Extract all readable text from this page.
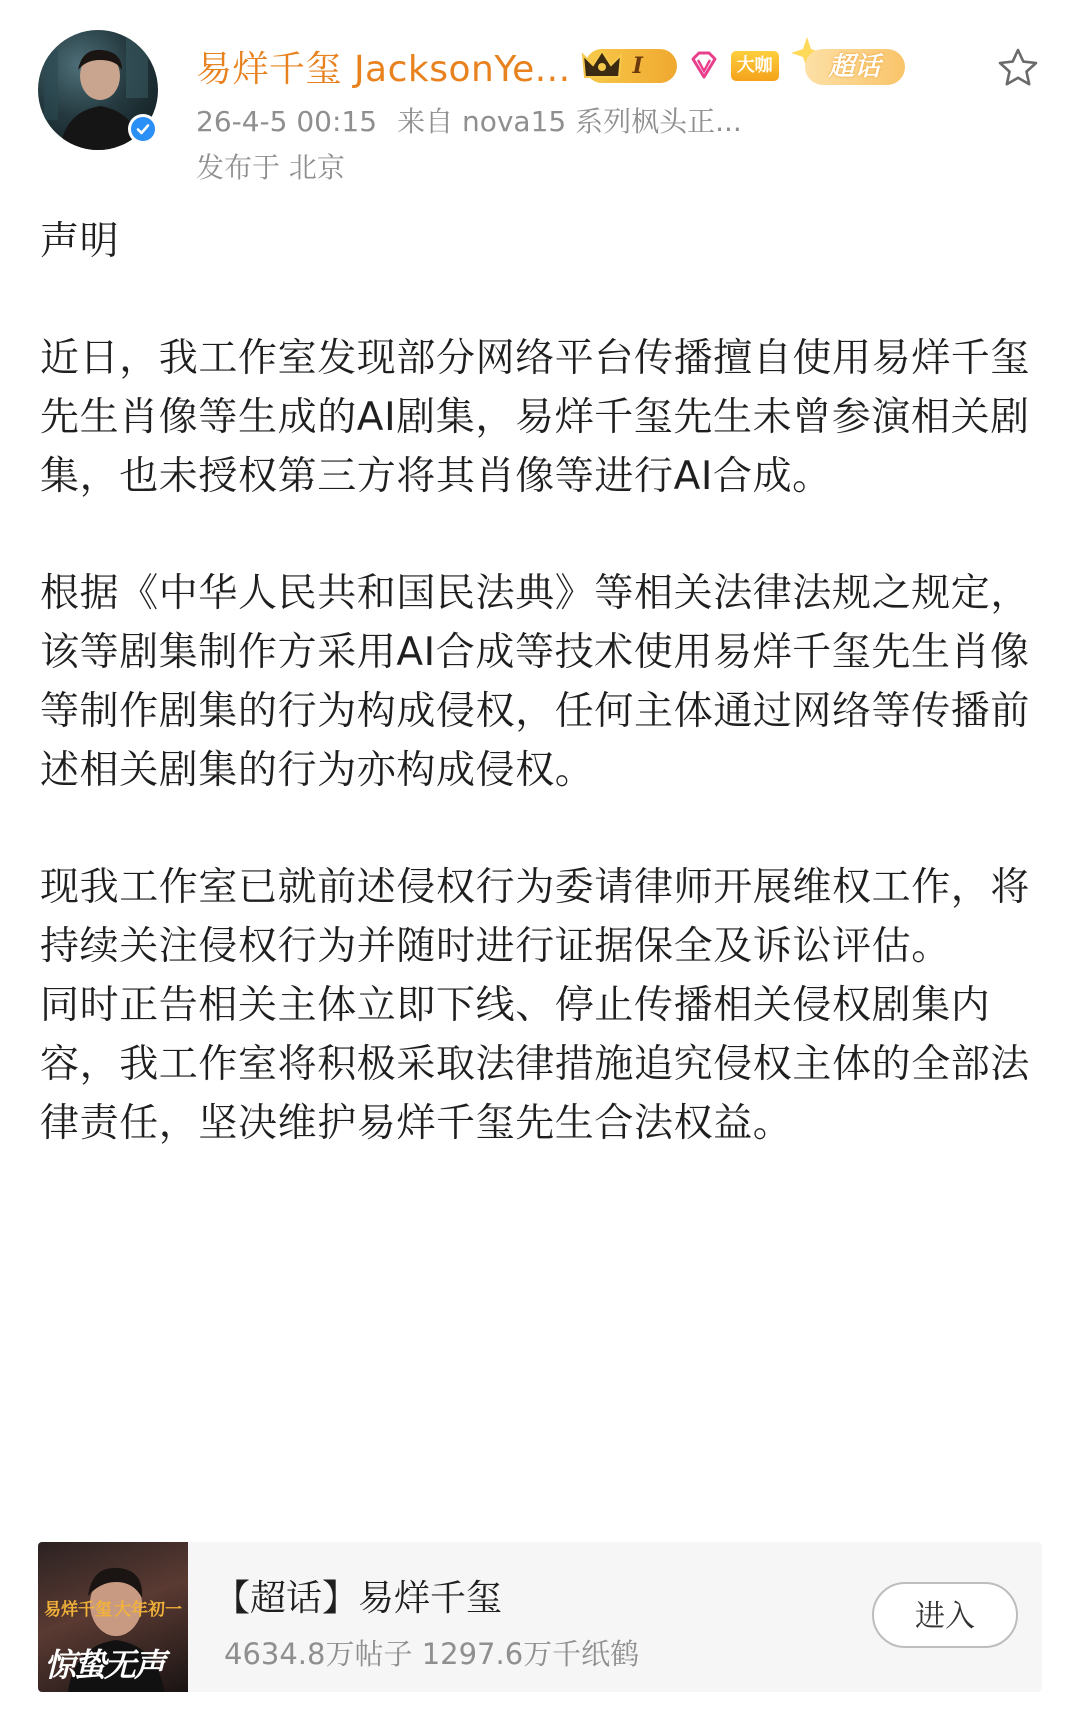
易烊千玺 JacksonYe...	I	大咖	超话
26-4-5 00:15 来自 nova15 系列枫头正...
发布于 北京

声明

近日，我工作室发现部分网络平台传播擅自使用易烊千玺先生肖像等生成的AI剧集，易烊千玺先生未曾参演相关剧集，也未授权第三方将其肖像等进行AI合成。

根据《中华人民共和国民法典》等相关法律法规之规定，该等剧集制作方采用AI合成等技术使用易烊千玺先生肖像等制作剧集的行为构成侵权，任何主体通过网络等传播前述相关剧集的行为亦构成侵权。

现我工作室已就前述侵权行为委请律师开展维权工作，将持续关注侵权行为并随时进行证据保全及诉讼评估。

同时正告相关主体立即下线、停止传播相关侵权剧集内容，我工作室将积极采取法律措施追究侵权主体的全部法律责任，坚决维护易烊千玺先生合法权益。

易烊千玺 大年初一
惊蛰无声
【超话】易烊千玺
4634.8万帖子 1297.6万千纸鹤
进入
